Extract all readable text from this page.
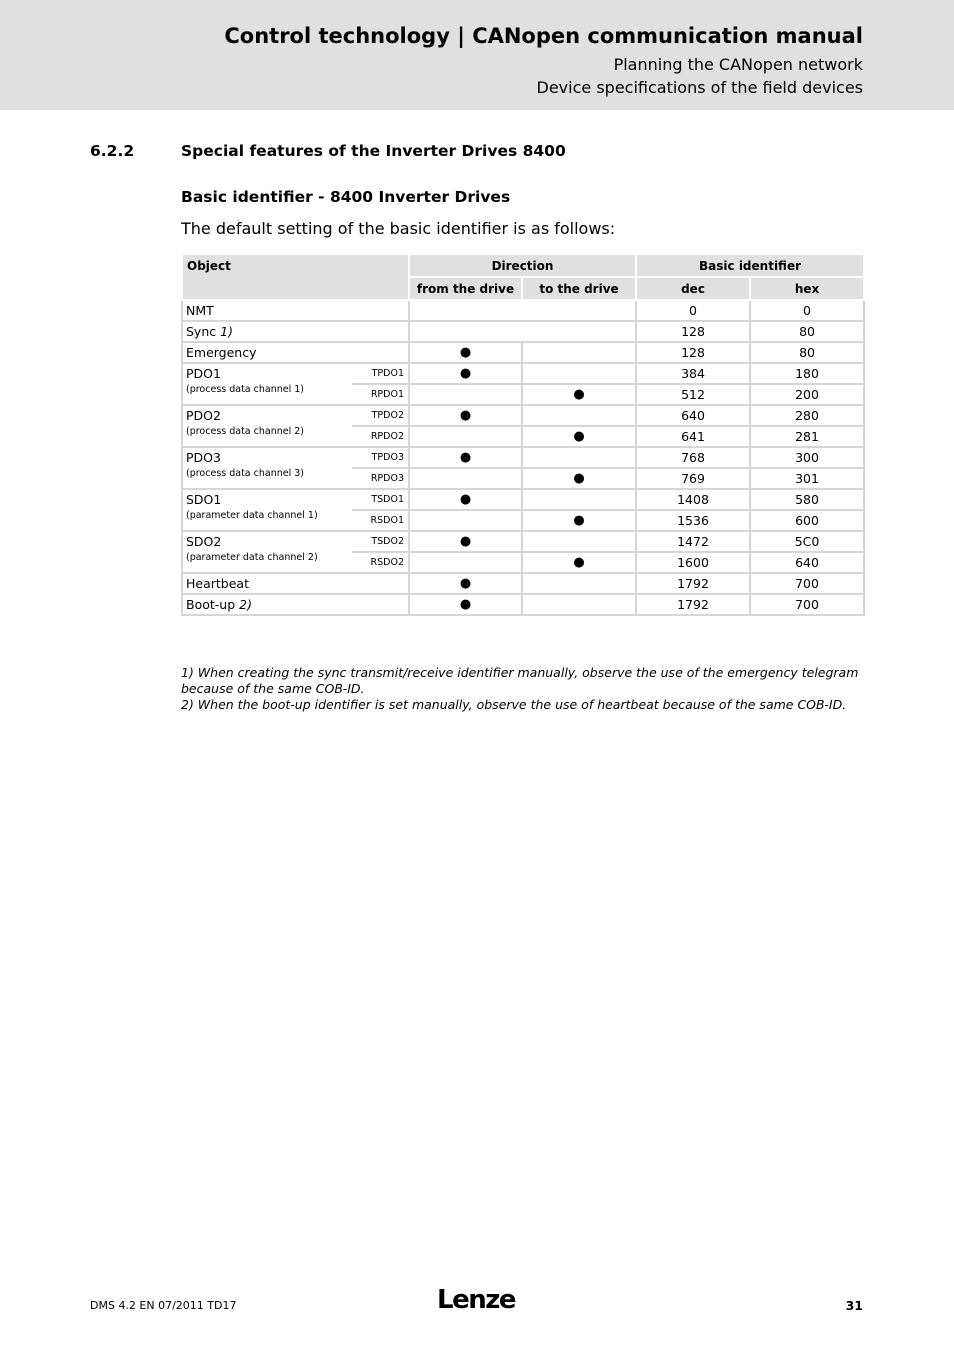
Control technology | CANopen communication manual
Planning the CANopen network
Device specifications of the field devices
6.2.2	Special features of the Inverter Drives 8400
Basic identifier - 8400 Inverter Drives
The default setting of the basic identifier is as follows:
Object		Direction		Basic identifier	
		from the drive	to the drive	dec	hex
NMT				0	0
Sync 1)				128	80
Emergency		●		128	80
PDO1
(process data channel 1)	TPDO1	●		384	180
	RPDO1		●	512	200
PDO2
(process data channel 2)	TPDO2	●		640	280
	RPDO2		●	641	281
PDO3
(process data channel 3)	TPDO3	●		768	300
	RPDO3		●	769	301
SDO1
(parameter data channel 1)	TSDO1	●		1408	580
	RSDO1		●	1536	600
SDO2
(parameter data channel 2)	TSDO2	●		1472	5C0
	RSDO2		●	1600	640
Heartbeat		●		1792	700
Boot-up 2)		●		1792	700
1) When creating the sync transmit/receive identifier manually, observe the use of the emergency telegram because of the same COB-ID.
2) When the boot-up identifier is set manually, observe the use of heartbeat because of the same COB-ID.
DMS 4.2 EN 07/2011 TD17	Lenze	31
